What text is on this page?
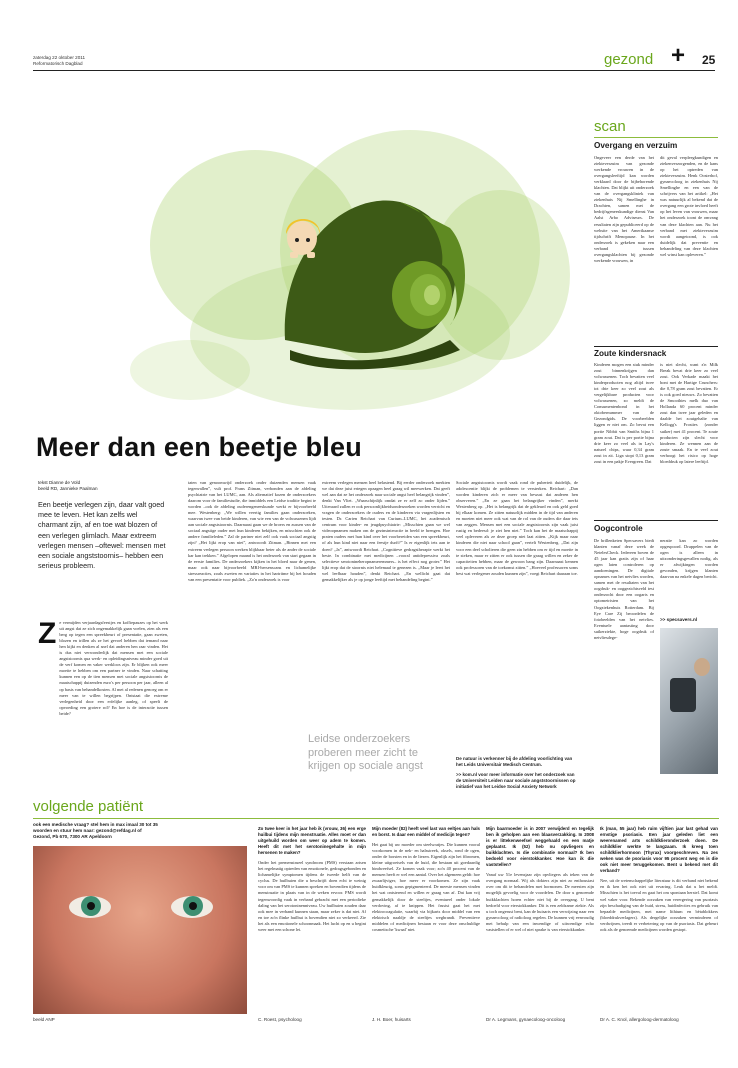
zaterdag 22 oktober 2011
Reformatorisch Dagblad	gezond + 25
Meer dan een beetje bleu
tekst Dianne de Vold
beeld RD, Jannieke Paalman
Een beetje verlegen zijn, daar valt goed mee te leven. Het kan zelfs wel charmant zijn, af en toe wat blozen of een verlegen glimlach. Maar extreem verlegen mensen –oftewel: mensen met een sociale angststoornis– hebben een serieus probleem.
Z e vermijden verjaardagsfeestjes en koffiepauzes op het werk uit angst dat ze zich ongemakkelijk gaan voelen, zien als een berg op tegen een spreekbeurt of presentatie, gaan zweten, blozen en trillen als ze het gevoel hebben dat iemand naar hen kijkt en denken al snel dat anderen hen raar vinden. Het is dus niet verwonderlijk dat mensen met een sociale angststoornis qua werk- en opleidingsniveau minder goed uit de verf komen en vaker werkloos zijn. Er blijken ook meer moeite te hebben om een partner te vinden. Naar schatting kunnen een op de tien mensen met sociale angststoornis de maatschappij duizenden euro's per persoon per jaar, alleen al op basis van behandelkosten. Al met al redenen genoeg om er meer van te willen begrijpen. Ontstaat die extreme verlegenheid door een erfelijke aanleg, of speelt de opvoeding een grotere rol? En hoe is de interactie tussen beide?
taten van genoomwijd onderzoek onder duizenden mensen vaak tegenvallen”, vult prof. Frans Zitman, verbonden aan de afdeling psychiatrie van het LUMC, aan. Als alternatief kozen de onderzoekers daarom voor de familiestudie, die inmiddels een Leidse traditie begint te worden –ook de afdeling ouderengeneeskunde werkt er bijvoorbeeld mee. Westenberg: „We willen veertig families gaan onderzoeken, waarvan twee van beide kinderen, van wie een van de volwassenen lijdt aan sociale angststoornis. Daarnaast gaan we de broers en zussen van de sociaal angstige ouder met hun kinderen bekijken, en misschien ook de andere familieleden.” Zal de partner niet zelf ook vaak sociaal angstig zijn? „Het lijkt erop van niet”, antwoordt Zitman. „Binnen met een extreem verlegen persoon werken blijkbaar beter als de ander de sociale kar kan trekken.” Afgelopen maand is het onderzoek van start gegaan in de eerste families. De onderzoekers kijken in het bloed naar de genen, maar ook naar bijvoorbeeld MRI-hersenscans en lichamelijke stressreacties, zoals zweten en variaties in het hartritme bij het houden van een presentatie voor publiek. „Zo'n onderzoek is voor
extreem verlegen mensen heel belastend. Bij eerder onderzoek merkten we dat deze juist ertegen opzagen heel graag wil meewerken. Dat geeft wel aan dat ze het onderzoek naar sociale angst heel belangrijk vinden”, denkt Van Vliet. „Waarschijnlijk omdat ze er zelf zo onder lijden.” Uiteraard zullen er ook persoonlijkheidsonderzoeken worden verricht en vragen de onderzoekers de ouders en de kinderen via vragenlijsten en testen. Dr. Carien Reichart van Curium–LUMC, het academisch centrum voor kinder- en jeugdpsychiatrie: „Misschien gaan we wel videoopnamen maken om de gezinsinteractie in beeld te brengen. Hoe praten ouders met hun kind over het voorbereiden van een spreekbeurt, of als hun kind niet naar een feestje durft?” Is er eigenlijk iets aan te doen? „Ja”, antwoordt Reichart. „Cognitieve gedragstherapie werkt het beste. In combinatie met medicijnen –vooral antidepressiva zoals selectieve serotonineheropnameremmers– is het effect nog groter.” Het lijkt erop dat de stoornis niet helemaal te genezen is. „Maar je leert het wel leefbaar houden”, denkt Reichart. „En wellicht gaat dat gemakkelijker als je op jonge leeftijd met behandeling begint.”
Leidse onderzoekers proberen meer zicht te krijgen op sociale angst
scan
Overgang en verzuim
Ongeveer een derde van het ziekteverzuim van gezonde werkende vrouwen in de overgangsleeftijd kan worden verklaard door de bijbehorende klachten. Dat blijkt uit onderzoek van de overgangskliniek van ziekenhuis Nij Smellinghe in Drachten, samen met de bedrijfsgeneeskundige dienst Van Aalst Arbo Adviseurs. De resultaten zijn gepubliceerd op de website van het Amerikaanse tijdschrift Menopause. In het onderzoek is gekeken naar een verband tussen overgangsklachten bij gezonde werkende vrouwen, in
dit geval verpleegkundigen en ziekenverzorgenden, en de kans op het optreden van ziekteverzuim. Henk Oosterhof, gynaecoloog in ziekenhuis Nij Smellinghe en een van de schrijvers van het artikel: „Het was natuurlijk al bekend dat de overgang een grote invloed heeft op het leven van vrouwen, maar het onderzoek toont de omvang van deze klachten aan. Nu het verband met ziekteverzuim wordt aangetoond, is ook duidelijk dat preventie en behandeling van deze klachten wel winst kan opleveren.”
Zoute kindersnack
Kinderen mogen een stuk minder zout binnenkrijgen dan volwassenen. Toch bevatten veel kinderproducten nog altijd twee tot drie keer zo veel zout als vergelijkbare producten voor volwassenen, zo meldt de Consumentenbond in het oktobernummer van de Gezondgids. De voorbeelden liggen er niet om. Zo bevat een portie Nibbit van Smiths bijna 1 gram zout. Dat is per portie bijna drie keer zo veel als in Lay's naturel chips, waar 0,34 gram zout in zit. Liga stopt 0,13 gram zout in een pakje Evergreen. Dat
is niet slecht, want z'n Milk Break bevat drie keer zo veel zout. Ook Verkade maakt het bont met de Hartige Crunchers: die 0,78 gram zout bevatten. Er is ook goed nieuws. Zo bevatten de Smoothies melk duo van Hollanda 60 procent minder zout dan twee jaar geleden en daalde het zoutgehalte van Kellogg's Frosties (zonder suiker) met 41 procent. Te zoute producten zijn slecht voor kinderen. Ze wennen aan de zoute smaak. En te veel zout verhoogt het risico op hoge bloeddruk op latere leeftijd.
Oogcontrole
De brillenketen Specsavers biedt klanten vanaf deze week de NetelesCheck. Iedereen boven de 45 jaar kan gratis zijn of haar ogen laten controleren op aandoeningen. De digitale opnames van het netvlies worden, samen met de resultaten van het oogdruk- en ooggezichtsveld test onderzocht door een oogarts en optometristen van het Oogziekenhuis Rotterdam. Bij Eye Care Zij beoordelen de fotobeelden van het netvlies. Eventuele aantasting door suikerziekte, hoge oogdruk of netvliesdege-
neratie kan zo worden opgespoord. Druppelen van de ogen is alleen in uitzonderingsgevallen nodig, als er afwijkingen worden gevonden, krijgen klanten daarvan na enkele dagen bericht.
>> specsavers.nl
volgende patiënt
ook een medische vraag? stel hem in max imaal 30 tot 35 woorden en stuur hem naar: gezond@refdag.nl of Gezond, Pb 670, 7300 AR Apeldoorn
beeld ANP
Zo twee keer in het jaar heb ik (vrouw, 36) een erge huilbui tijdens mijn menstruatie. Alles moet er dan uitgehuild worden om weer op adem te komen. Heeft dit met het serotoninegehalte in mijn hersenen te maken?
Onder het premenstrueel syndroom (PMS) verstaan artsen het regelmatig optreden van emotionele, gedragsgebonden en lichamelijke symptomen tijdens de tweede helft van de cyclus. De huilbuien die u beschrijft doen echt te weinig voor om van PMS te kunnen spreken en bovendien tijdens de menstruatie in plaats van in de weken ervoor. PMS wordt tegenwoordig vaak in verband gebracht met een periodieke daling van het serotoninenniveau. Uw huilbuien zouden daar ook mee in verband kunnen staan, maar zeker is dat niet. Af en toe zo'n flinke huilbui is bovendien niet zo verkeerd. Zie het als een emotionele schoonmaak. Het lucht op en u begint weer met een schone lei.
C. Roest, psycholoog
Mijn moeder (82) heeft veel last van eeltjes aan hals en borst. Is daar een middel of medicijn tegen?
Het gaat bij uw moeder om steelwratjes. Die kunnen vooral voorkomen in de nek- en halsstreek, oksels, rond de ogen, onder de borsten en in de liezen. Eigenlijk zijn het fibromen, kleine uitgroeisels van de huid, die bestaan uit goedaardig bindweefsel. Ze komen vaak voor; zo'n 40 procent van de mensen heeft er wel een aantal. Over het algemeen geldt: hoe zwaarlijviger, hoe meer er voorkomen. Ze zijn vaak huidkleurig, soms gepigmenteerd. De meeste mensen vinden het wat ontsierend en willen er graag van af. Dat kan vrij gemakkelijk door de steeltjes, eventueel onder lokale verdoving, af te knippen. Het frustst gaat het met elektrocoagulatie, waarbij via bijkarts door middel van een elektrisch naaldje de steeltjes wegbrandt. Preventieve middelen of medicijnen bestaan er voor deze onschuldige cosmetische 'kwaal' niet.
J. H. Boer, huisarts
Mijn baarmoeder is in 2007 verwijderd en tegelijk ben ik geholpen aan een blaasverzakking. In 2008 is er littekenweefsel weggehaald en een matje geplaatst. Ik (52) heb nu opvliegers en buikklachten. Is die combinatie normaal? Ik ben bedoeld voor eierstokkanker. Hoe kan ik die vaststellen?
Vanaf uw 51e levensjaar zijn opvliegers als teken van de overgang normaal. Wij als dokters zijn niet zo enthousiast over om dit te behandelen met hormonen. De meesten zijn mogelijk gevoelig voor de voordelen. De door u genoemde buikklachten horen echter niet bij de overgang. U bent bedoeld voor eierstokkanker. Dit is een zeldzame ziekte. Als u toch ongerust bent, kan de huisarts een verwijzing naar een gynaecoloog of radioloog regelen. De kunnen vrij eenvoudig met behulp van een inwendige of uitwendige echo vaststellen of er wel of niet sprake is van eierstokkanker.
Dr A. Legmans, gynaecoloog-oncoloog
Ik (man, 55 jaar) heb ruim vijftien jaar last gehad van ernstige psoriasis. Een jaar geleden liet een weerenamed arts schildklieronderzoek doen. De schildklier werkte te langzaam. Ik kreeg toen schildklierhormoon (Thyrax) voorgeschreven. Na zes weken was de psoriasis voor 95 procent weg en is die ook niet meer teruggekomen. Bent u bekend met dit verband?
Nee, uit de wetenschappelijke literatuur is dit verband niet bekend en ik ken het ook niet uit ervaring. Leuk dat u het meldt. Misschien is het toeval en gaat het om spontaan herstel. Dat komt wel vaker voor. Bekende oorzaken van verergering van psoriasis zijn beschadiging van de huid, stress, huidinfecties en gebruik van bepaalde medicijnen, met name lithium en bètablokkers (bloeddrukverlagers). Als dergelijke oorzaken verminderen of verdwijnen, treedt er verbetering op van de psoriasis. Dat gebeurt ook als de genoemde medicijnen worden gestopt.
Dr A. C. Knol, allergoloog-dermatoloog
Sociale angststoornis wordt vaak rond de puberteit duidelijk, de adolescentie blijkt de problemen te versterken. Reichart: „Dan worden kinderen zich er meer van bewust dat anderen hen observeren.” „En ze gaan het belangrijker vinden”, merkt Westenberg op. „Het is belangrijk dat de gekleurd en ook geld goed bij elkaar komen. Ze zitten natuurlijk midden in de tijd van anderen en moeten niet meer ook wat van de rol van de ouders die daar iets van zeggen. Mensen met een sociale angststoornis zijn vaak juist rustig en bedeesd: je ziet hen niet.” Toch kan het de maatschappij veel opleveren als ze deze groep niet laat zitten. „Kijk maar naar kinderen die niet naar school gaan”, vertelt Westenberg. „Dat zijn voor een deel scholieren die geen zin hebben om er tijd en moeite in te steken, maar er zitten er ook tussen die graag willen en zeker de capaciteiten hebben, maar de gewoon bang zijn. Daarnaast kennen ook professoren van de toekomst zitten.” „Hoeveel professoren soms best wat verlegener zouden kunnen zijn”, voegt Reichart daaraan toe.
De natuur is verkenner bij de afdeling voorlichting van het Leids Universitair Medisch Centrum.
>> kom.nl voor meer informatie over het onderzoek van de Universiteit Leiden naar sociale angststoornissen op initiatief van het Leidse Social Anxiety Network
